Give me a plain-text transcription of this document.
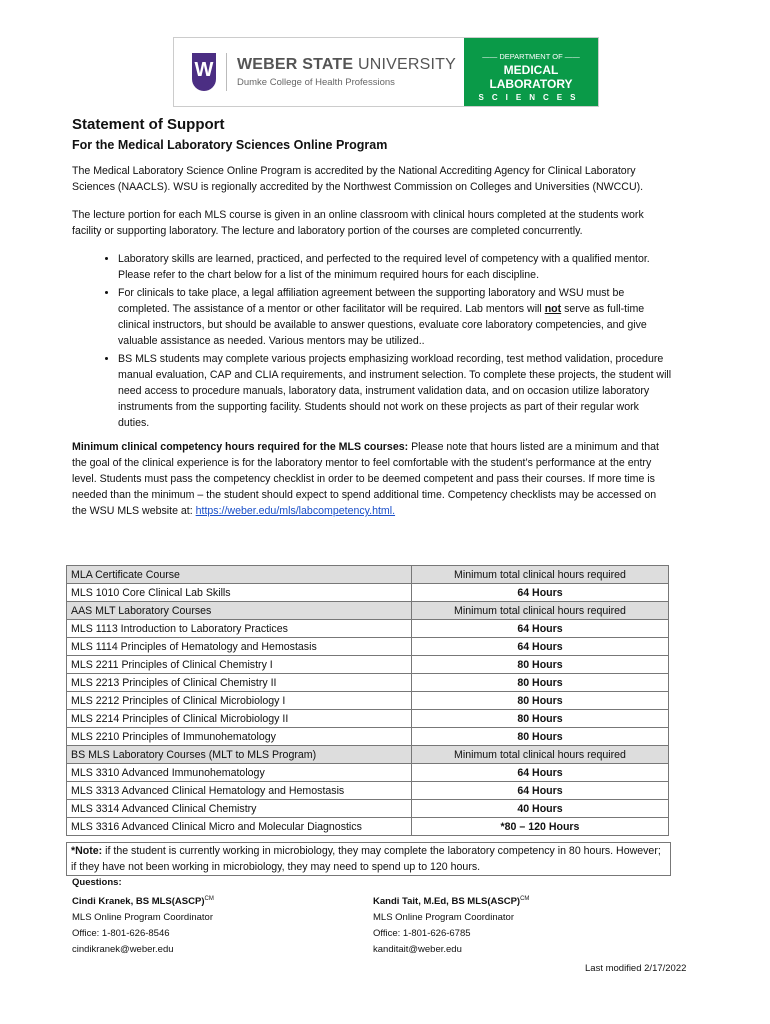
W WEBER STATE UNIVERSITY
Dumke College of Health Professions
—— DEPARTMENT OF ——
MEDICAL LABORATORY
SCIENCES
Statement of Support
For the Medical Laboratory Sciences Online Program

The Medical Laboratory Science Online Program is accredited by the National Accrediting Agency for Clinical Laboratory Sciences (NAACLS). WSU is regionally accredited by the Northwest Commission on Colleges and Universities (NWCCU).

The lecture portion for each MLS course is given in an online classroom with clinical hours completed at the students work facility or supporting laboratory. The lecture and laboratory portion of the courses are completed concurrently.

• Laboratory skills are learned, practiced, and perfected to the required level of competency with a qualified mentor. Please refer to the chart below for a list of the minimum required hours for each discipline.
• For clinicals to take place, a legal affiliation agreement between the supporting laboratory and WSU must be completed. The assistance of a mentor or other facilitator will be required. Lab mentors will not serve as full-time clinical instructors, but should be available to answer questions, evaluate core laboratory competencies, and give valuable assistance as needed. Various mentors may be utilized..
• BS MLS students may complete various projects emphasizing workload recording, test method validation, procedure manual evaluation, CAP and CLIA requirements, and instrument selection. To complete these projects, the student will need access to procedure manuals, laboratory data, instrument validation data, and on occasion utilize laboratory instruments from the supporting facility. Students should not work on these projects as part of their regular work duties.

Minimum clinical competency hours required for the MLS courses: Please note that hours listed are a minimum and that the goal of the clinical experience is for the laboratory mentor to feel comfortable with the student’s performance at the entry level. Students must pass the competency checklist in order to be deemed competent and pass their courses. If more time is needed than the minimum – the student should expect to spend additional time. Competency checklists may be accessed on the WSU MLS website at: https://weber.edu/mls/labcompetency.html.

MLA Certificate Course	Minimum total clinical hours required
MLS 1010 Core Clinical Lab Skills	64 Hours
AAS MLT Laboratory Courses	Minimum total clinical hours required
MLS 1113 Introduction to Laboratory Practices	64 Hours
MLS 1114 Principles of Hematology and Hemostasis	64 Hours
MLS 2211 Principles of Clinical Chemistry I	80 Hours
MLS 2213 Principles of Clinical Chemistry II	80 Hours
MLS 2212 Principles of Clinical Microbiology I	80 Hours
MLS 2214 Principles of Clinical Microbiology II	80 Hours
MLS 2210 Principles of Immunohematology	80 Hours
BS MLS Laboratory Courses (MLT to MLS Program)	Minimum total clinical hours required
MLS 3310 Advanced Immunohematology	64 Hours
MLS 3313 Advanced Clinical Hematology and Hemostasis	64 Hours
MLS 3314 Advanced Clinical Chemistry	40 Hours
MLS 3316 Advanced Clinical Micro and Molecular Diagnostics	*80 – 120 Hours
*Note: if the student is currently working in microbiology, they may complete the laboratory competency in 80 hours. However; if they have not been working in microbiology, they may need to spend up to 120 hours.
Questions:
Cindi Kranek, BS MLS(ASCP)$^{CM}$
MLS Online Program Coordinator
Office: 1-801-626-8546
cindikranek@weber.edu
Kandi Tait, M.Ed, BS MLS(ASCP)$^{CM}$
MLS Online Program Coordinator
Office: 1-801-626-6785
kanditait@weber.edu
Last modified 2/17/2022
